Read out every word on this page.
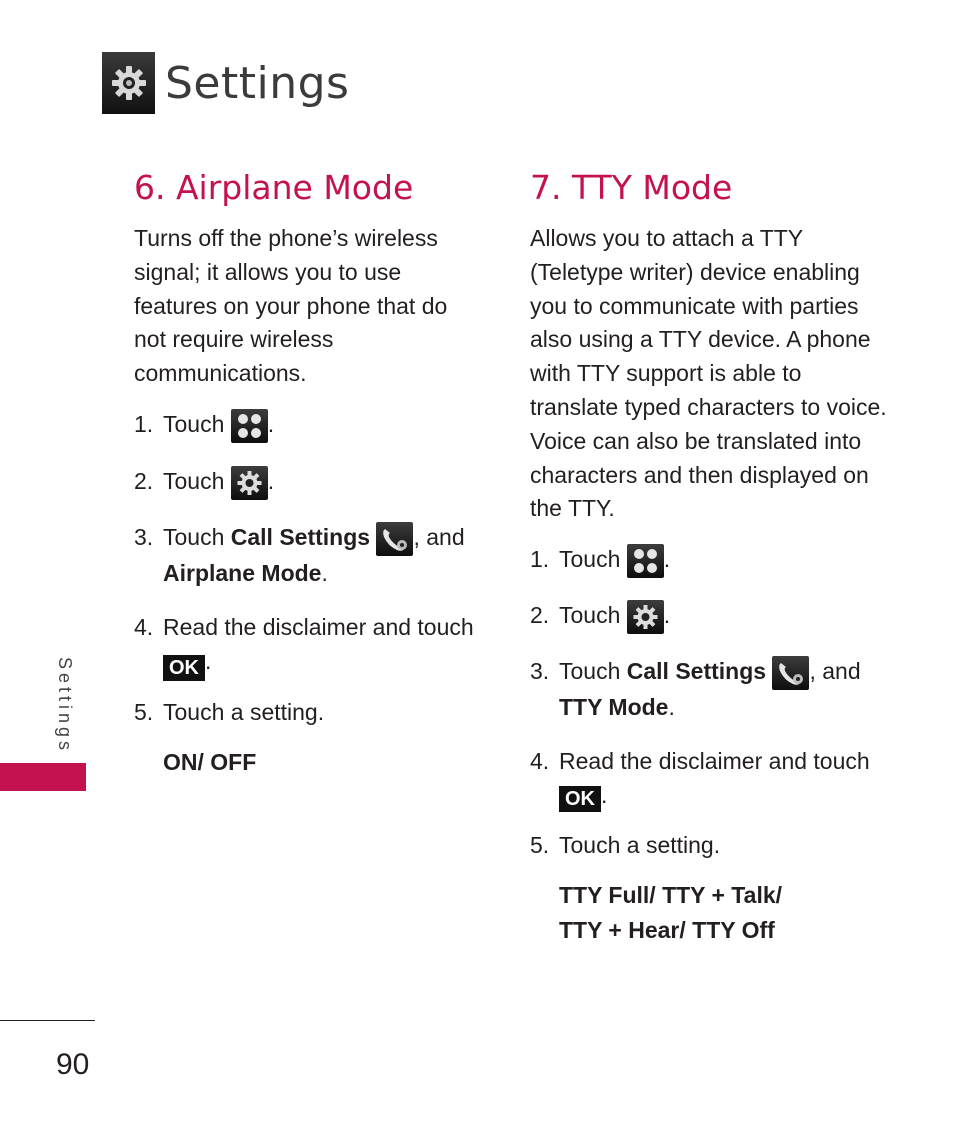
Settings
6. Airplane Mode

Turns off the phone’s wireless signal; it allows you to use features on your phone that do not require wireless communications.

1. Touch .
2. Touch .
3. Touch Call Settings , and Airplane Mode.
4. Read the disclaimer and touch
OK .
5. Touch a setting.

ON/ OFF

7. TTY Mode

Allows you to attach a TTY (Teletype writer) device enabling you to communicate with parties also using a TTY device. A phone with TTY support is able to translate typed characters to voice. Voice can also be translated into characters and then displayed on the TTY.

1. Touch .
2. Touch .
3. Touch Call Settings , and TTY Mode.
4. Read the disclaimer and touch
OK .
5. Touch a setting.

TTY Full/ TTY + Talk/
TTY + Hear/ TTY Off

Settings
90
